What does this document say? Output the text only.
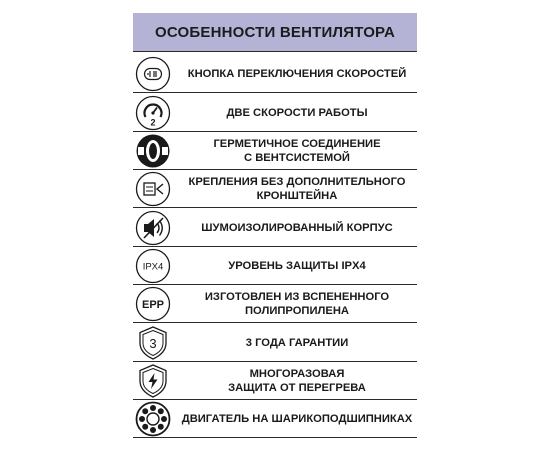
ОСОБЕННОСТИ ВЕНТИЛЯТОРА
КНОПКА ПЕРЕКЛЮЧЕНИЯ СКОРОСТЕЙ
2
ДВЕ СКОРОСТИ РАБОТЫ
ГЕРМЕТИЧНОЕ СОЕДИНЕНИЕ
С ВЕНТСИСТЕМОЙ
КРЕПЛЕНИЯ БЕЗ ДОПОЛНИТЕЛЬНОГО
КРОНШТЕЙНА
ШУМОИЗОЛИРОВАННЫЙ КОРПУС
IPX4	УРОВЕНЬ ЗАЩИТЫ IPX4
EPP
ИЗГОТОВЛЕН ИЗ ВСПЕНЕННОГО
ПОЛИПРОПИЛЕНА
3	3 ГОДА ГАРАНТИИ
МНОГОРАЗОВАЯ
ЗАЩИТА ОТ ПЕРЕГРЕВА
ДВИГАТЕЛЬ НА ШАРИКОПОДШИПНИКАХ
